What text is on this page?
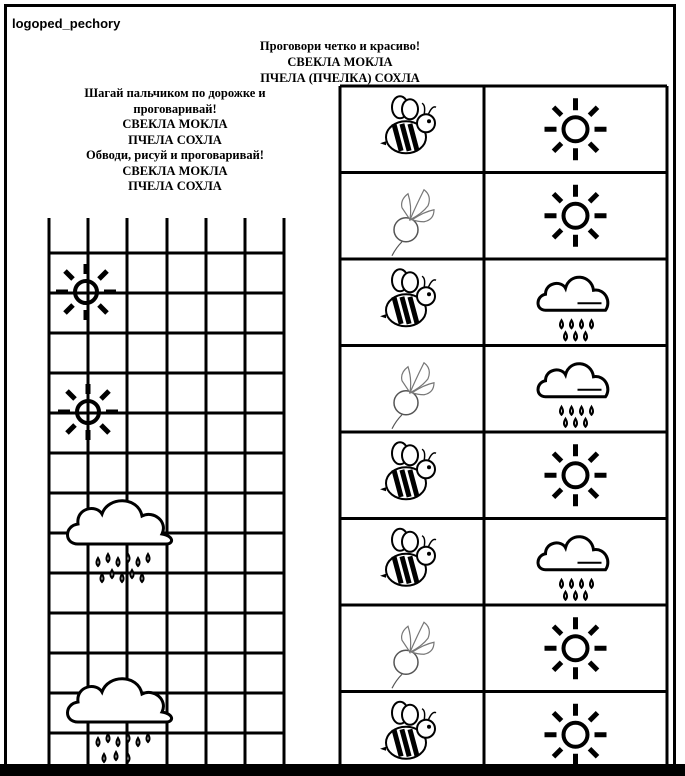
logoped_pechory
Проговори четко и красиво!
СВЕКЛА МОКЛА
ПЧЕЛА (ПЧЕЛКА) СОХЛА
Шагай пальчиком по дорожке и
проговаривай!
СВЕКЛА МОКЛА
ПЧЕЛА СОХЛА
Обводи, рисуй и проговаривай!
СВЕКЛА МОКЛА
ПЧЕЛА СОХЛА
